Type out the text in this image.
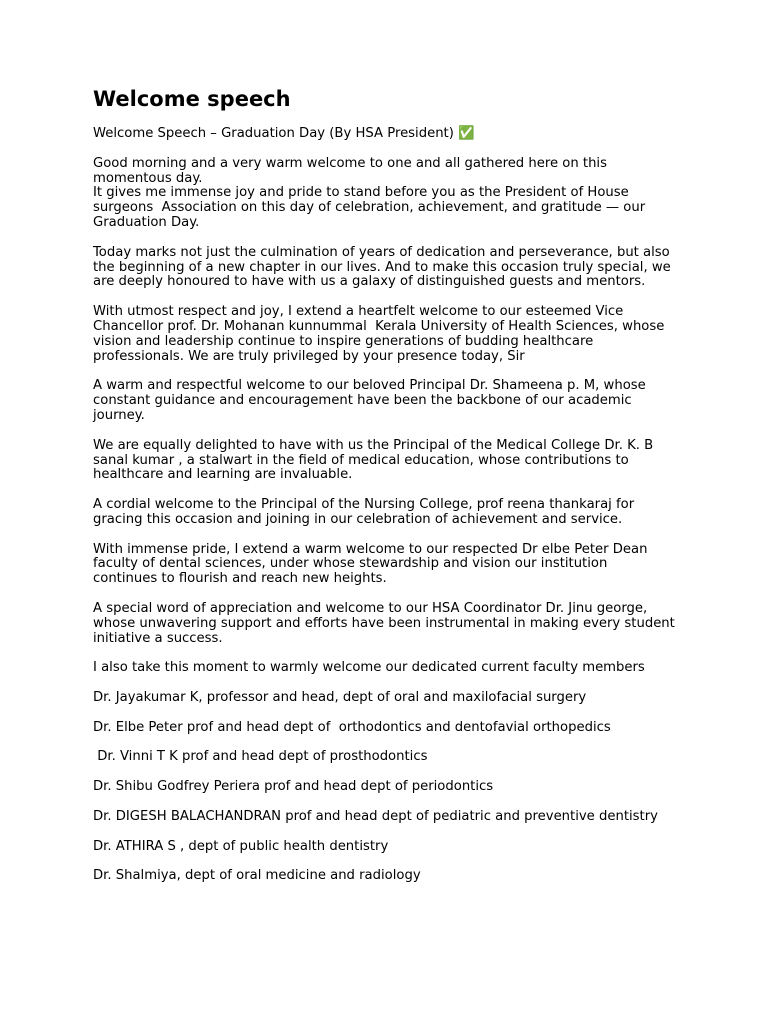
Welcome speech
Welcome Speech – Graduation Day (By HSA President) ✅
Good morning and a very warm welcome to one and all gathered here on this momentous day.
It gives me immense joy and pride to stand before you as the President of House surgeons  Association on this day of celebration, achievement, and gratitude — our Graduation Day.
Today marks not just the culmination of years of dedication and perseverance, but also the beginning of a new chapter in our lives. And to make this occasion truly special, we are deeply honoured to have with us a galaxy of distinguished guests and mentors.
With utmost respect and joy, I extend a heartfelt welcome to our esteemed Vice Chancellor prof. Dr. Mohanan kunnummal  Kerala University of Health Sciences, whose vision and leadership continue to inspire generations of budding healthcare professionals. We are truly privileged by your presence today, Sir
A warm and respectful welcome to our beloved Principal Dr. Shameena p. M, whose constant guidance and encouragement have been the backbone of our academic journey.
We are equally delighted to have with us the Principal of the Medical College Dr. K. B sanal kumar , a stalwart in the field of medical education, whose contributions to healthcare and learning are invaluable.
A cordial welcome to the Principal of the Nursing College, prof reena thankaraj for gracing this occasion and joining in our celebration of achievement and service.
With immense pride, I extend a warm welcome to our respected Dr elbe Peter Dean faculty of dental sciences, under whose stewardship and vision our institution continues to flourish and reach new heights.
A special word of appreciation and welcome to our HSA Coordinator Dr. Jinu george, whose unwavering support and efforts have been instrumental in making every student initiative a success.
I also take this moment to warmly welcome our dedicated current faculty members
Dr. Jayakumar K, professor and head, dept of oral and maxilofacial surgery
Dr. Elbe Peter prof and head dept of  orthodontics and dentofavial orthopedics
Dr. Vinni T K prof and head dept of prosthodontics
Dr. Shibu Godfrey Periera prof and head dept of periodontics
Dr. DIGESH BALACHANDRAN prof and head dept of pediatric and preventive dentistry
Dr. ATHIRA S , dept of public health dentistry
Dr. Shalmiya, dept of oral medicine and radiology
